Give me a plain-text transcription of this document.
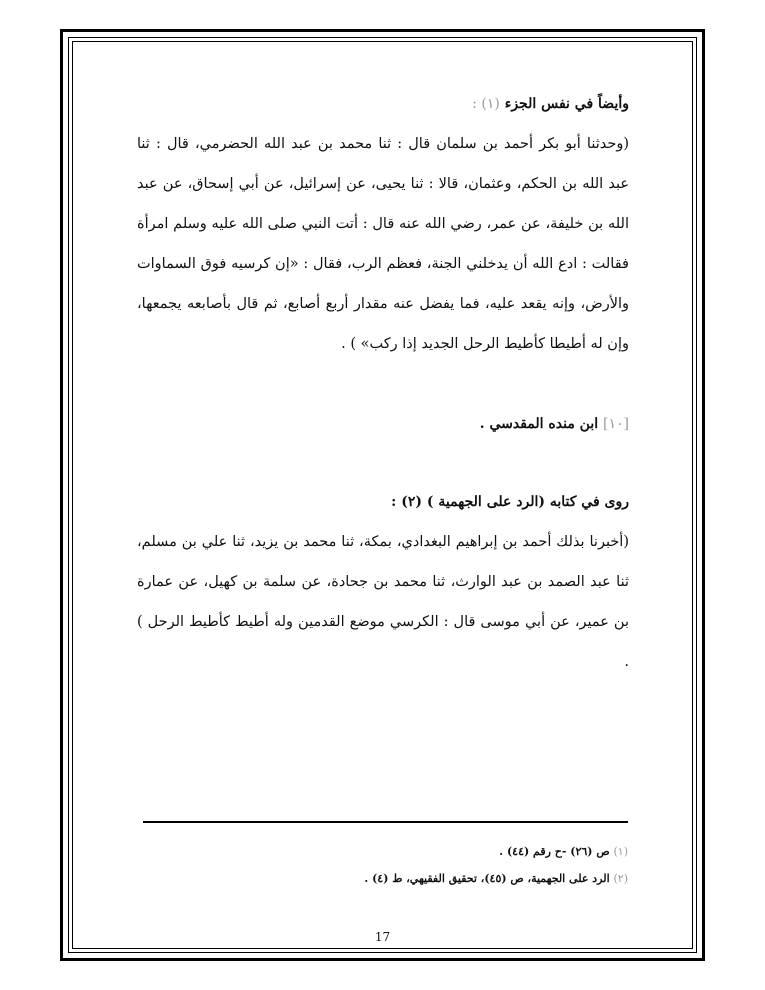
وأيضاً في نفس الجزء (١) :
(وحدثنا أبو بكر أحمد بن سلمان قال : ثنا محمد بن عبد الله الحضرمي، قال : ثنا عبد الله بن الحكم، وعثمان، قالا : ثنا يحيى، عن إسرائيل، عن أبي إسحاق، عن عبد الله بن خليفة، عن عمر، رضي الله عنه قال : أتت النبي صلى الله عليه وسلم امرأة فقالت : ادع الله أن يدخلني الجنة، فعظم الرب، فقال : «إن كرسيه فوق السماوات والأرض، وإنه يقعد عليه، فما يفضل عنه مقدار أربع أصابع، ثم قال بأصابعه يجمعها، وإن له أطيطا كأطيط الرحل الجديد إذا ركب» ) .
[١٠] ابن منده المقدسي .
روى في كتابه (الرد على الجهمية ) (٢) :
(أخبرنا بذلك أحمد بن إبراهيم البغدادي، بمكة، ثنا محمد بن يزيد، ثنا علي بن مسلم، ثنا عبد الصمد بن عبد الوارث، ثنا محمد بن جحادة، عن سلمة بن كهيل، عن عمارة بن عمير، عن أبي موسى قال : الكرسي موضع القدمين وله أطيط كأطيط الرحل ) .
(١) ص (٢٦) -ح رقم (٤٤) .
(٢) الرد على الجهمية، ص (٤٥)، تحقيق الفقيهي، ط (٤) .
17
